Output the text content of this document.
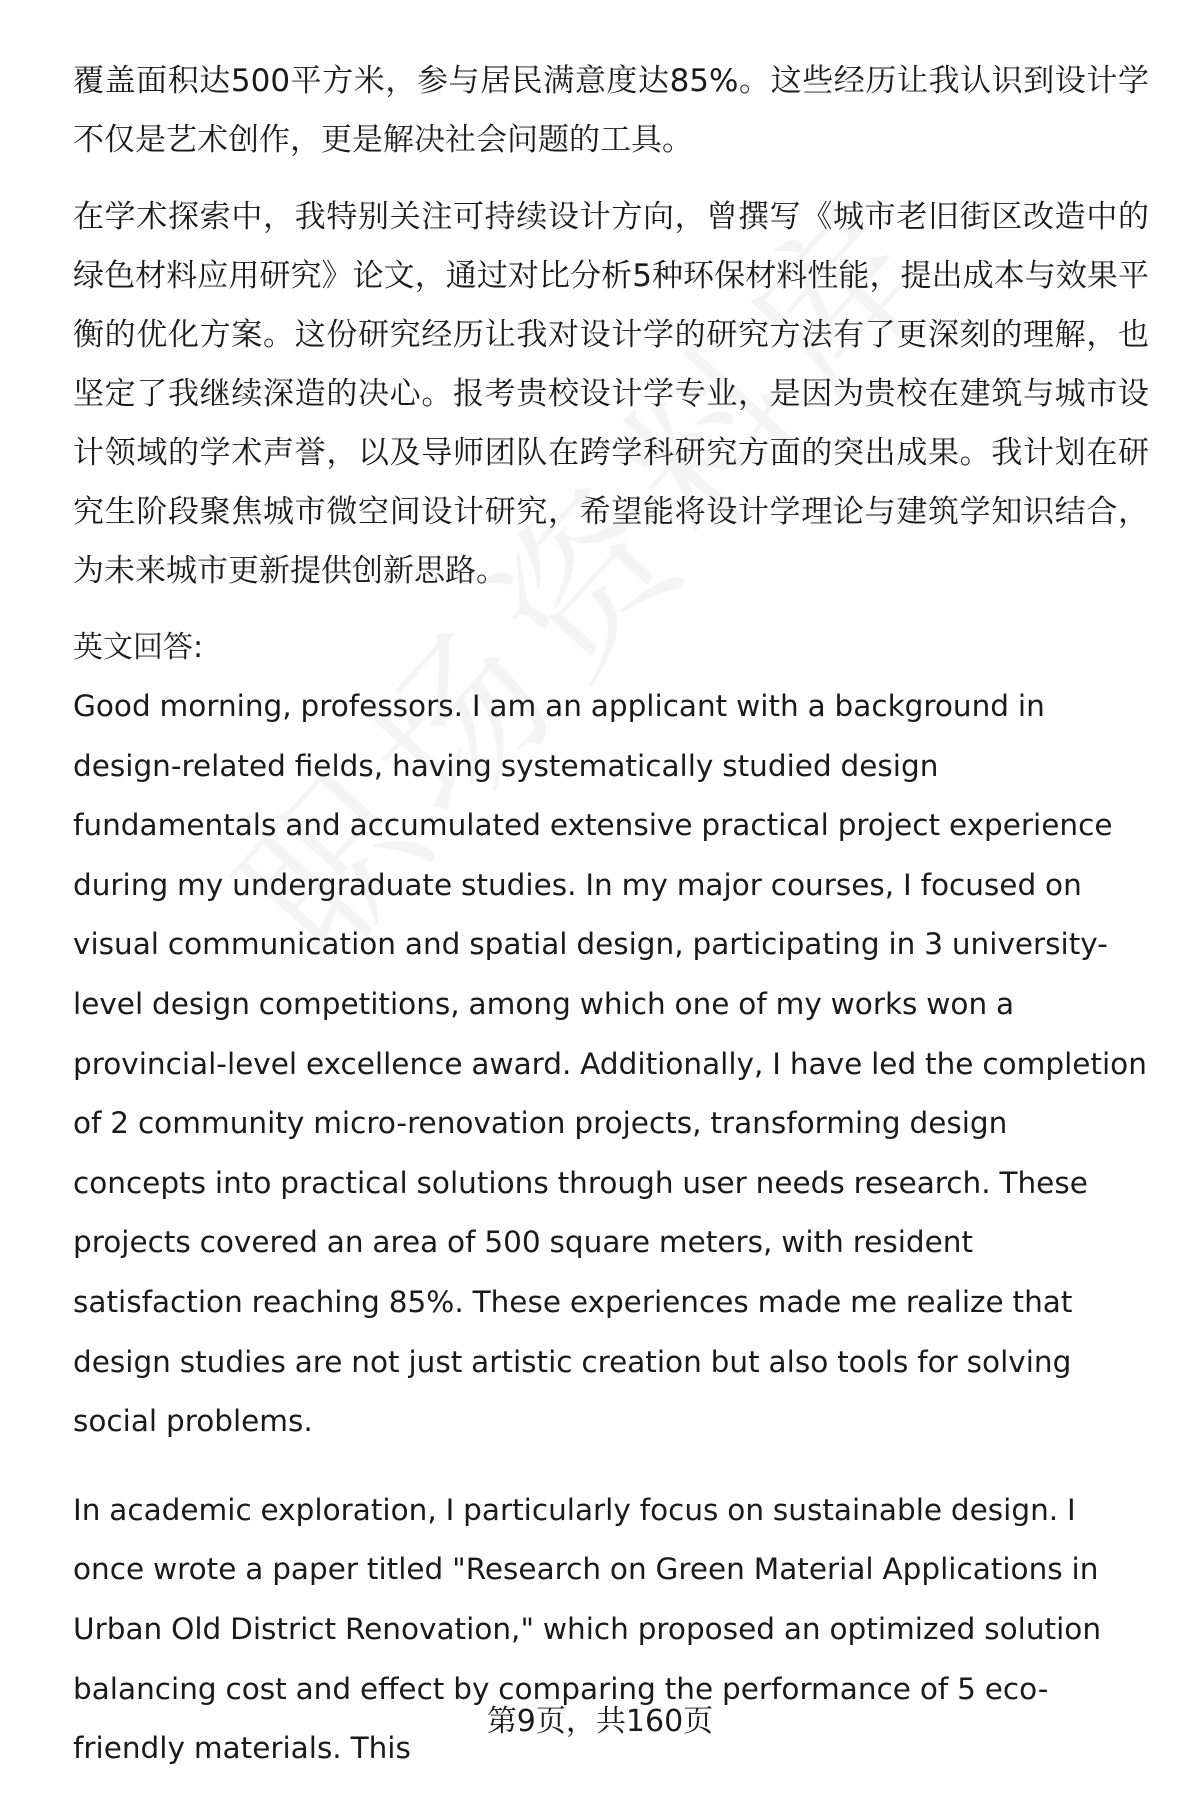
覆盖面积达500平方米，参与居民满意度达85%。这些经历让我认识到设计学不仅是艺术创作，更是解决社会问题的工具。

在学术探索中，我特别关注可持续设计方向，曾撰写《城市老旧街区改造中的绿色材料应用研究》论文，通过对比分析5种环保材料性能，提出成本与效果平衡的优化方案。这份研究经历让我对设计学的研究方法有了更深刻的理解，也坚定了我继续深造的决心。报考贵校设计学专业，是因为贵校在建筑与城市设计领域的学术声誉，以及导师团队在跨学科研究方面的突出成果。我计划在研究生阶段聚焦城市微空间设计研究，希望能将设计学理论与建筑学知识结合，为未来城市更新提供创新思路。

英文回答:

Good morning, professors. I am an applicant with a background in design-related fields, having systematically studied design fundamentals and accumulated extensive practical project experience during my undergraduate studies. In my major courses, I focused on visual communication and spatial design, participating in 3 university-level design competitions, among which one of my works won a provincial-level excellence award. Additionally, I have led the completion of 2 community micro-renovation projects, transforming design concepts into practical solutions through user needs research. These projects covered an area of 500 square meters, with resident satisfaction reaching 85%. These experiences made me realize that design studies are not just artistic creation but also tools for solving social problems.

In academic exploration, I particularly focus on sustainable design. I once wrote a paper titled "Research on Green Material Applications in Urban Old District Renovation," which proposed an optimized solution balancing cost and effect by comparing the performance of 5 eco-friendly materials. This

第9页，共160页
